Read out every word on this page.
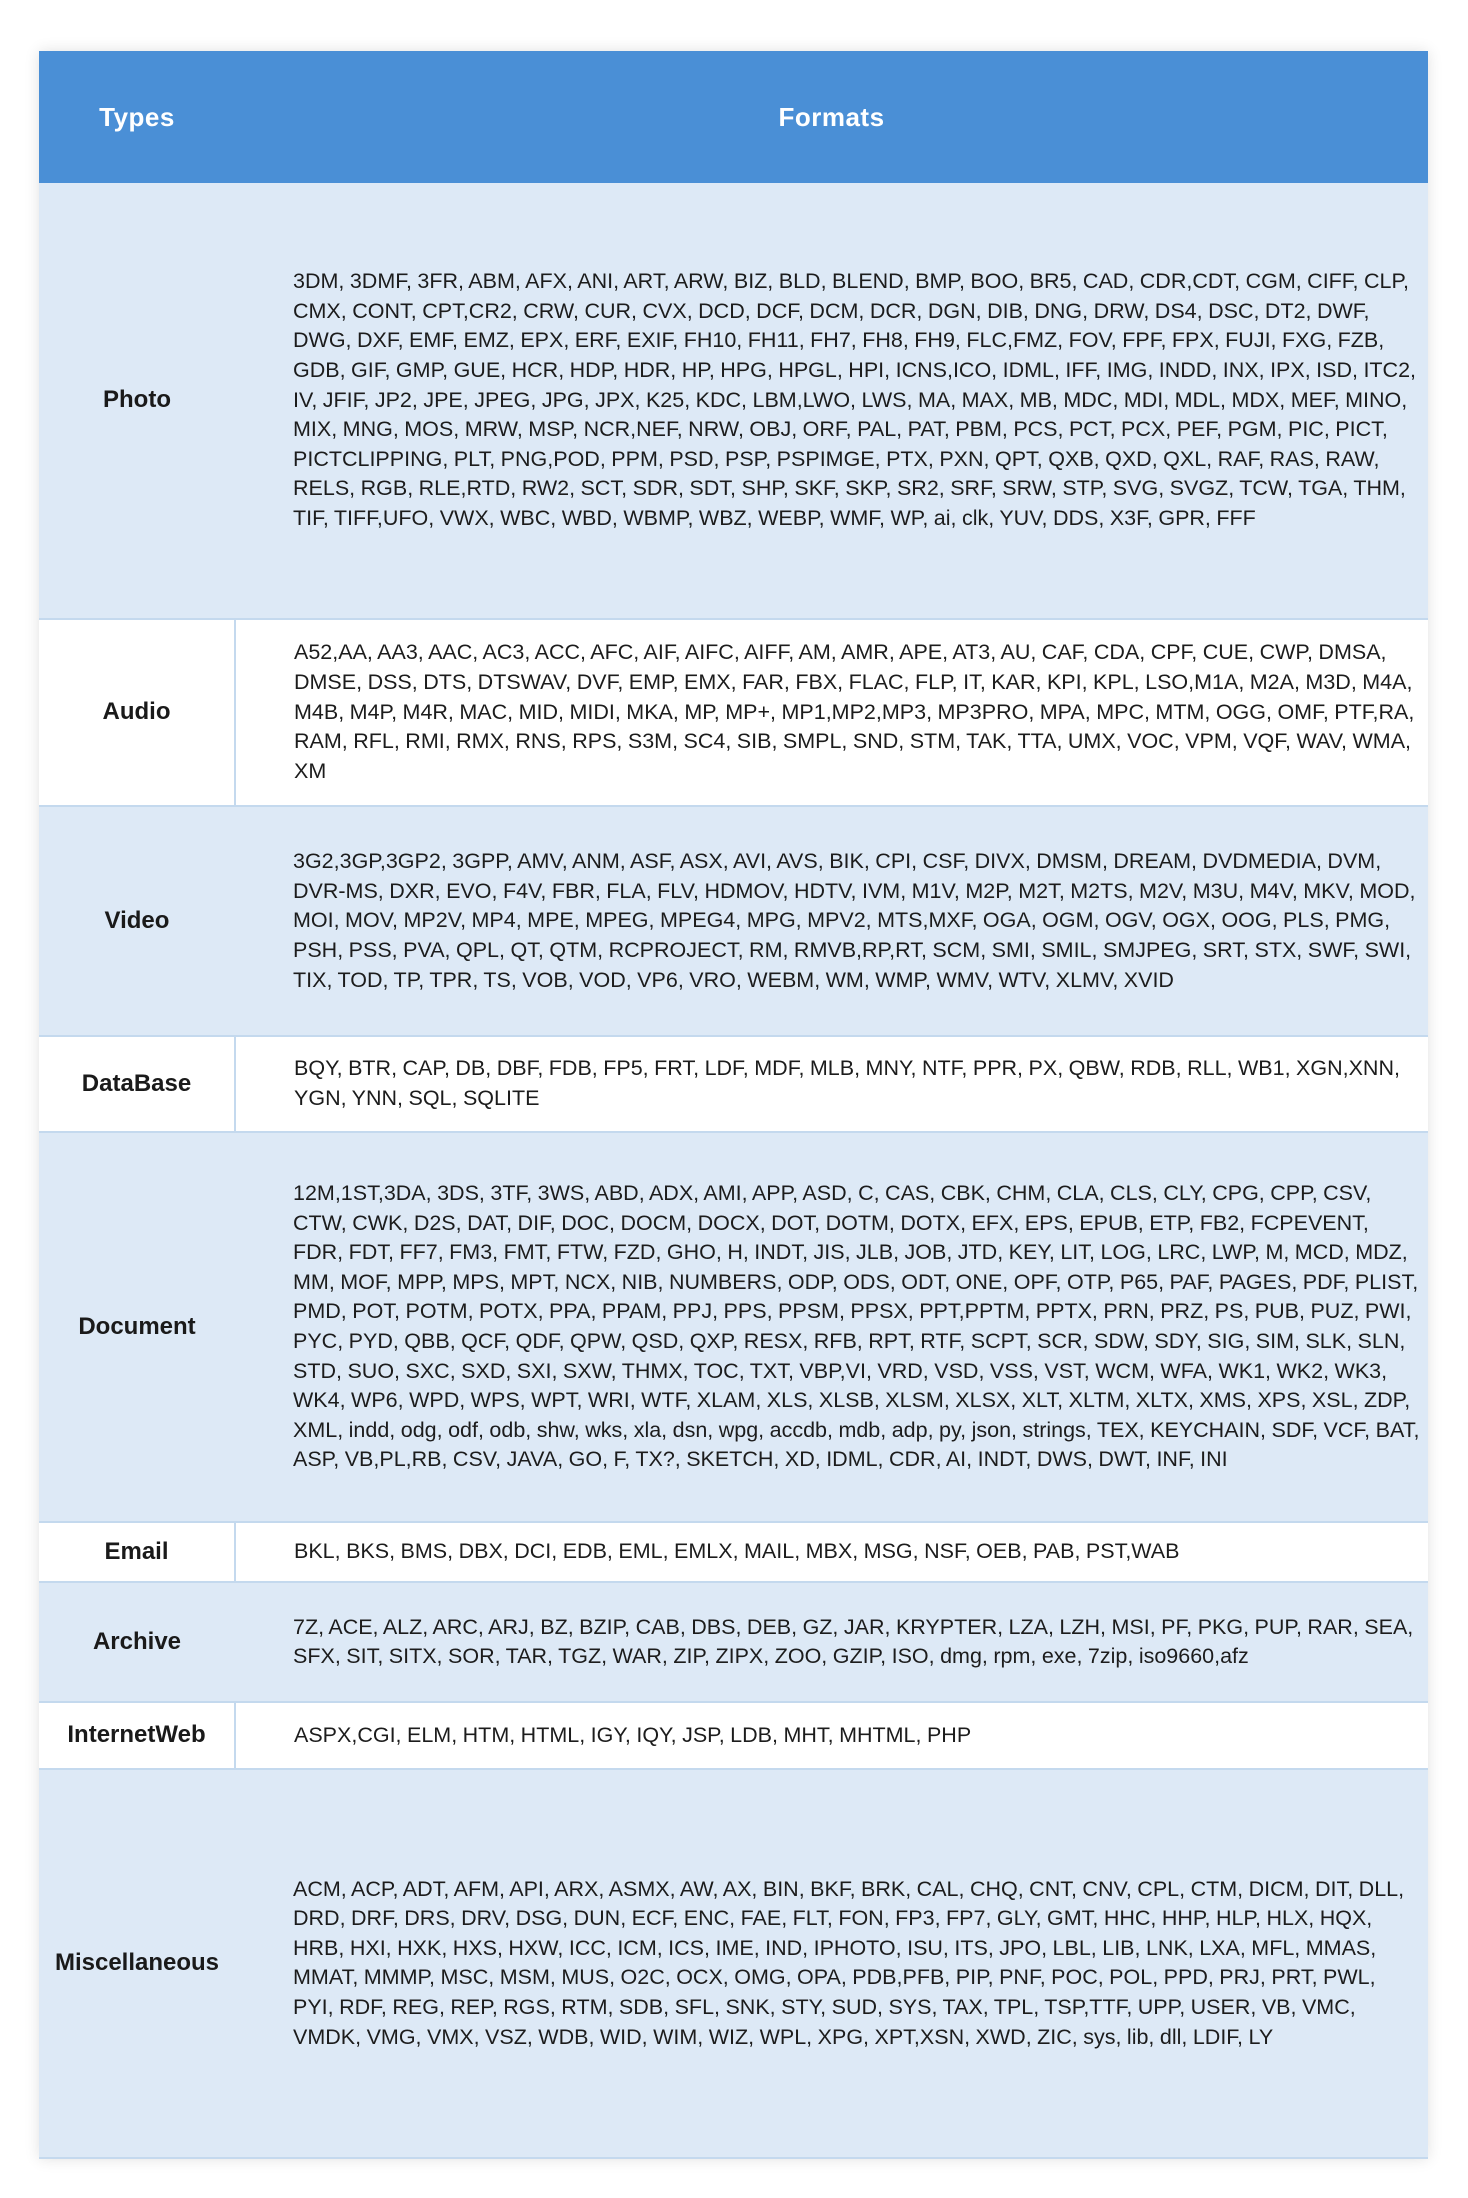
Types	Formats
Photo	3DM, 3DMF, 3FR, ABM, AFX, ANI, ART, ARW, BIZ, BLD, BLEND, BMP, BOO, BR5, CAD, CDR,CDT, CGM, CIFF, CLP, CMX, CONT, CPT,CR2, CRW, CUR, CVX, DCD, DCF, DCM, DCR, DGN, DIB, DNG, DRW, DS4, DSC, DT2, DWF, DWG, DXF, EMF, EMZ, EPX, ERF, EXIF, FH10, FH11, FH7, FH8, FH9, FLC,FMZ, FOV, FPF, FPX, FUJI, FXG, FZB, GDB, GIF, GMP, GUE, HCR, HDP, HDR, HP, HPG, HPGL, HPI, ICNS,ICO, IDML, IFF, IMG, INDD, INX, IPX, ISD, ITC2, IV, JFIF, JP2, JPE, JPEG, JPG, JPX, K25, KDC, LBM,LWO, LWS, MA, MAX, MB, MDC, MDI, MDL, MDX, MEF, MINO, MIX, MNG, MOS, MRW, MSP, NCR,NEF, NRW, OBJ, ORF, PAL, PAT, PBM, PCS, PCT, PCX, PEF, PGM, PIC, PICT, PICTCLIPPING, PLT, PNG,POD, PPM, PSD, PSP, PSPIMGE, PTX, PXN, QPT, QXB, QXD, QXL, RAF, RAS, RAW, RELS, RGB, RLE,RTD, RW2, SCT, SDR, SDT, SHP, SKF, SKP, SR2, SRF, SRW, STP, SVG, SVGZ, TCW, TGA, THM, TIF, TIFF,UFO, VWX, WBC, WBD, WBMP, WBZ, WEBP, WMF, WP, ai, clk, YUV, DDS, X3F, GPR, FFF
Audio	A52,AA, AA3, AAC, AC3, ACC, AFC, AIF, AIFC, AIFF, AM, AMR, APE, AT3, AU, CAF, CDA, CPF, CUE, CWP, DMSA, DMSE, DSS, DTS, DTSWAV, DVF, EMP, EMX, FAR, FBX, FLAC, FLP, IT, KAR, KPI, KPL, LSO,M1A, M2A, M3D, M4A, M4B, M4P, M4R, MAC, MID, MIDI, MKA, MP, MP+, MP1,MP2,MP3, MP3PRO, MPA, MPC, MTM, OGG, OMF, PTF,RA, RAM, RFL, RMI, RMX, RNS, RPS, S3M, SC4, SIB, SMPL, SND, STM, TAK, TTA, UMX, VOC, VPM, VQF, WAV, WMA, XM
Video	3G2,3GP,3GP2, 3GPP, AMV, ANM, ASF, ASX, AVI, AVS, BIK, CPI, CSF, DIVX, DMSM, DREAM, DVDMEDIA, DVM, DVR-MS, DXR, EVO, F4V, FBR, FLA, FLV, HDMOV, HDTV, IVM, M1V, M2P, M2T, M2TS, M2V, M3U, M4V, MKV, MOD, MOI, MOV, MP2V, MP4, MPE, MPEG, MPEG4, MPG, MPV2, MTS,MXF, OGA, OGM, OGV, OGX, OOG, PLS, PMG, PSH, PSS, PVA, QPL, QT, QTM, RCPROJECT, RM, RMVB,RP,RT, SCM, SMI, SMIL, SMJPEG, SRT, STX, SWF, SWI, TIX, TOD, TP, TPR, TS, VOB, VOD, VP6, VRO, WEBM, WM, WMP, WMV, WTV, XLMV, XVID
DataBase	BQY, BTR, CAP, DB, DBF, FDB, FP5, FRT, LDF, MDF, MLB, MNY, NTF, PPR, PX, QBW, RDB, RLL, WB1, XGN,XNN, YGN, YNN, SQL, SQLITE
Document	12M,1ST,3DA, 3DS, 3TF, 3WS, ABD, ADX, AMI, APP, ASD, C, CAS, CBK, CHM, CLA, CLS, CLY, CPG, CPP, CSV, CTW, CWK, D2S, DAT, DIF, DOC, DOCM, DOCX, DOT, DOTM, DOTX, EFX, EPS, EPUB, ETP, FB2, FCPEVENT, FDR, FDT, FF7, FM3, FMT, FTW, FZD, GHO, H, INDT, JIS, JLB, JOB, JTD, KEY, LIT, LOG, LRC, LWP, M, MCD, MDZ, MM, MOF, MPP, MPS, MPT, NCX, NIB, NUMBERS, ODP, ODS, ODT, ONE, OPF, OTP, P65, PAF, PAGES, PDF, PLIST, PMD, POT, POTM, POTX, PPA, PPAM, PPJ, PPS, PPSM, PPSX, PPT,PPTM, PPTX, PRN, PRZ, PS, PUB, PUZ, PWI, PYC, PYD, QBB, QCF, QDF, QPW, QSD, QXP, RESX, RFB, RPT, RTF, SCPT, SCR, SDW, SDY, SIG, SIM, SLK, SLN, STD, SUO, SXC, SXD, SXI, SXW, THMX, TOC, TXT, VBP,VI, VRD, VSD, VSS, VST, WCM, WFA, WK1, WK2, WK3, WK4, WP6, WPD, WPS, WPT, WRI, WTF, XLAM, XLS, XLSB, XLSM, XLSX, XLT, XLTM, XLTX, XMS, XPS, XSL, ZDP, XML, indd, odg, odf, odb, shw, wks, xla, dsn, wpg, accdb, mdb, adp, py, json, strings, TEX, KEYCHAIN, SDF, VCF, BAT, ASP, VB,PL,RB, CSV, JAVA, GO, F, TX?, SKETCH, XD, IDML, CDR, AI, INDT, DWS, DWT, INF, INI
Email	BKL, BKS, BMS, DBX, DCI, EDB, EML, EMLX, MAIL, MBX, MSG, NSF, OEB, PAB, PST,WAB
Archive	7Z, ACE, ALZ, ARC, ARJ, BZ, BZIP, CAB, DBS, DEB, GZ, JAR, KRYPTER, LZA, LZH, MSI, PF, PKG, PUP, RAR, SEA, SFX, SIT, SITX, SOR, TAR, TGZ, WAR, ZIP, ZIPX, ZOO, GZIP, ISO, dmg, rpm, exe, 7zip, iso9660,afz
InternetWeb	ASPX,CGI, ELM, HTM, HTML, IGY, IQY, JSP, LDB, MHT, MHTML, PHP
Miscellaneous	ACM, ACP, ADT, AFM, API, ARX, ASMX, AW, AX, BIN, BKF, BRK, CAL, CHQ, CNT, CNV, CPL, CTM, DICM, DIT, DLL, DRD, DRF, DRS, DRV, DSG, DUN, ECF, ENC, FAE, FLT, FON, FP3, FP7, GLY, GMT, HHC, HHP, HLP, HLX, HQX, HRB, HXI, HXK, HXS, HXW, ICC, ICM, ICS, IME, IND, IPHOTO, ISU, ITS, JPO, LBL, LIB, LNK, LXA, MFL, MMAS, MMAT, MMMP, MSC, MSM, MUS, O2C, OCX, OMG, OPA, PDB,PFB, PIP, PNF, POC, POL, PPD, PRJ, PRT, PWL, PYI, RDF, REG, REP, RGS, RTM, SDB, SFL, SNK, STY, SUD, SYS, TAX, TPL, TSP,TTF, UPP, USER, VB, VMC, VMDK, VMG, VMX, VSZ, WDB, WID, WIM, WIZ, WPL, XPG, XPT,XSN, XWD, ZIC, sys, lib, dll, LDIF, LY
